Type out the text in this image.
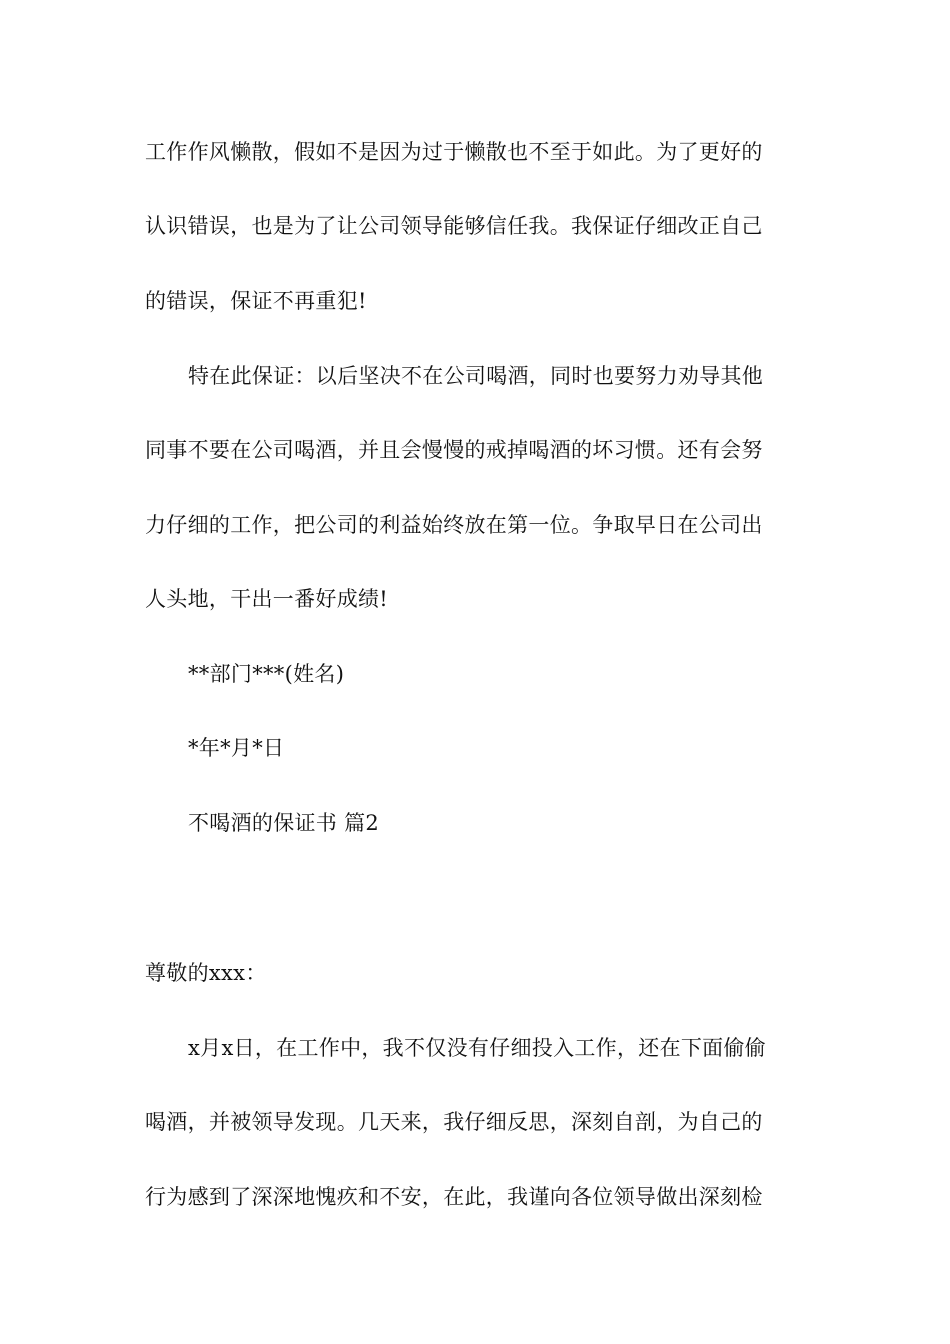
工作作风懒散，假如不是因为过于懒散也不至于如此。为了更好的
认识错误，也是为了让公司领导能够信任我。我保证仔细改正自己
的错误，保证不再重犯!
特在此保证：以后坚决不在公司喝酒，同时也要努力劝导其他
同事不要在公司喝酒，并且会慢慢的戒掉喝酒的坏习惯。还有会努
力仔细的工作，把公司的利益始终放在第一位。争取早日在公司出
人头地，干出一番好成绩!
**部门***(姓名)
*年*月*日
不喝酒的保证书 篇2
尊敬的xxx：
x月x日，在工作中，我不仅没有仔细投入工作，还在下面偷偷
喝酒，并被领导发现。几天来，我仔细反思，深刻自剖，为自己的
行为感到了深深地愧疚和不安，在此，我谨向各位领导做出深刻检
